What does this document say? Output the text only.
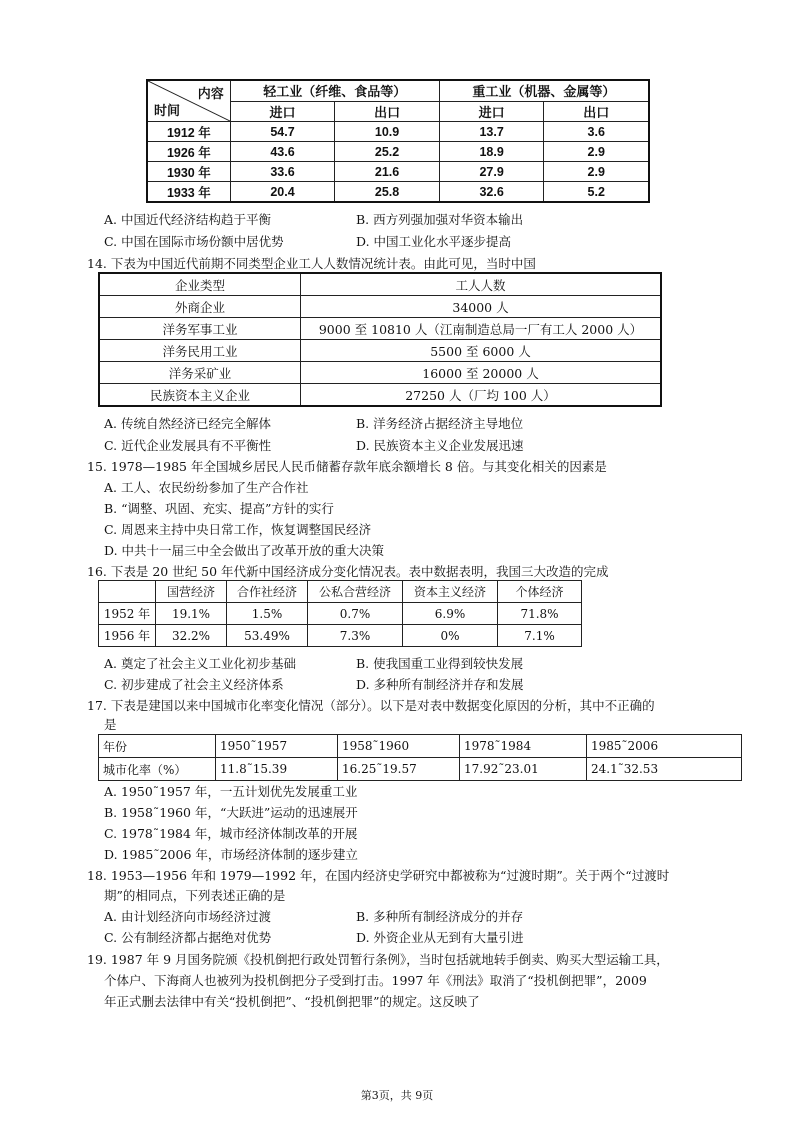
内容
时间	轻工业（纤维、食品等）		重工业（机器、金属等）	
	进口	出口	进口	出口
1912 年	54.7	10.9	13.7	3.6
1926 年	43.6	25.2	18.9	2.9
1930 年	33.6	21.6	27.9	2.9
1933 年	20.4	25.8	32.6	5.2
A. 中国近代经济结构趋于平衡	B. 西方列强加强对华资本输出
C. 中国在国际市场份额中居优势	D. 中国工业化水平逐步提高
14. 下表为中国近代前期不同类型企业工人人数情况统计表。由此可见，当时中国
企业类型	工人人数
外商企业	34000 人
洋务军事工业	9000 至 10810 人（江南制造总局一厂有工人 2000 人）
洋务民用工业	5500 至 6000 人
洋务采矿业	16000 至 20000 人
民族资本主义企业	27250 人（厂均 100 人）
A. 传统自然经济已经完全解体	B. 洋务经济占据经济主导地位
C. 近代企业发展具有不平衡性	D. 民族资本主义企业发展迅速
15. 1978—1985 年全国城乡居民人民币储蓄存款年底余额增长 8 倍。与其变化相关的因素是
A. 工人、农民纷纷参加了生产合作社
B. “调整、巩固、充实、提高”方针的实行
C. 周恩来主持中央日常工作，恢复调整国民经济
D. 中共十一届三中全会做出了改革开放的重大决策
16. 下表是 20 世纪 50 年代新中国经济成分变化情况表。表中数据表明，我国三大改造的完成
	国营经济	合作社经济	公私合营经济	资本主义经济	个体经济
1952 年	19.1%	1.5%	0.7%	6.9%	71.8%
1956 年	32.2%	53.49%	7.3%	0%	7.1%
A. 奠定了社会主义工业化初步基础	B. 使我国重工业得到较快发展
C. 初步建成了社会主义经济体系	D. 多种所有制经济并存和发展
17. 下表是建国以来中国城市化率变化情况（部分）。以下是对表中数据变化原因的分析，其中不正确的
是
年份	1950˜1957	1958˜1960	1978˜1984	1985˜2006
城市化率（%）	11.8˜15.39	16.25˜19.57	17.92˜23.01	24.1˜32.53
A. 1950˜1957 年，一五计划优先发展重工业
B. 1958˜1960 年，“大跃进”运动的迅速展开
C. 1978˜1984 年，城市经济体制改革的开展
D. 1985˜2006 年，市场经济体制的逐步建立
18. 1953—1956 年和 1979—1992 年，在国内经济史学研究中都被称为“过渡时期”。关于两个“过渡时
期”的相同点，下列表述正确的是
A. 由计划经济向市场经济过渡	B. 多种所有制经济成分的并存
C. 公有制经济都占据绝对优势	D. 外资企业从无到有大量引进
19. 1987 年 9 月国务院颁《投机倒把行政处罚暂行条例》，当时包括就地转手倒卖、购买大型运输工具，
个体户、下海商人也被列为投机倒把分子受到打击。1997 年《刑法》取消了“投机倒把罪”，2009
年正式删去法律中有关“投机倒把”、“投机倒把罪”的规定。这反映了
第3页，共 9页
